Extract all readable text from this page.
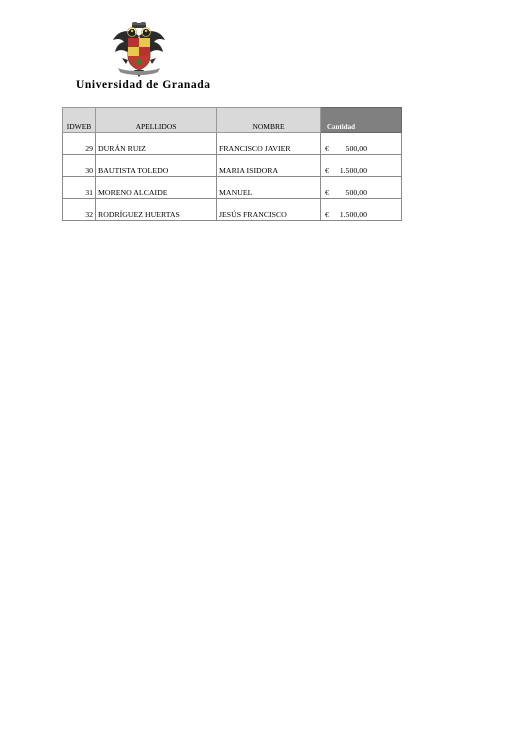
Universidad de Granada
IDWEB	APELLIDOS	NOMBRE	Cantidad
29	DURÁN RUIZ	FRANCISCO JAVIER	€ 500,00
30	BAUTISTA TOLEDO	MARIA ISIDORA	€ 1.500,00
31	MORENO ALCAIDE	MANUEL	€ 500,00
32	RODRÍGUEZ HUERTAS	JESÚS FRANCISCO	€ 1.500,00
